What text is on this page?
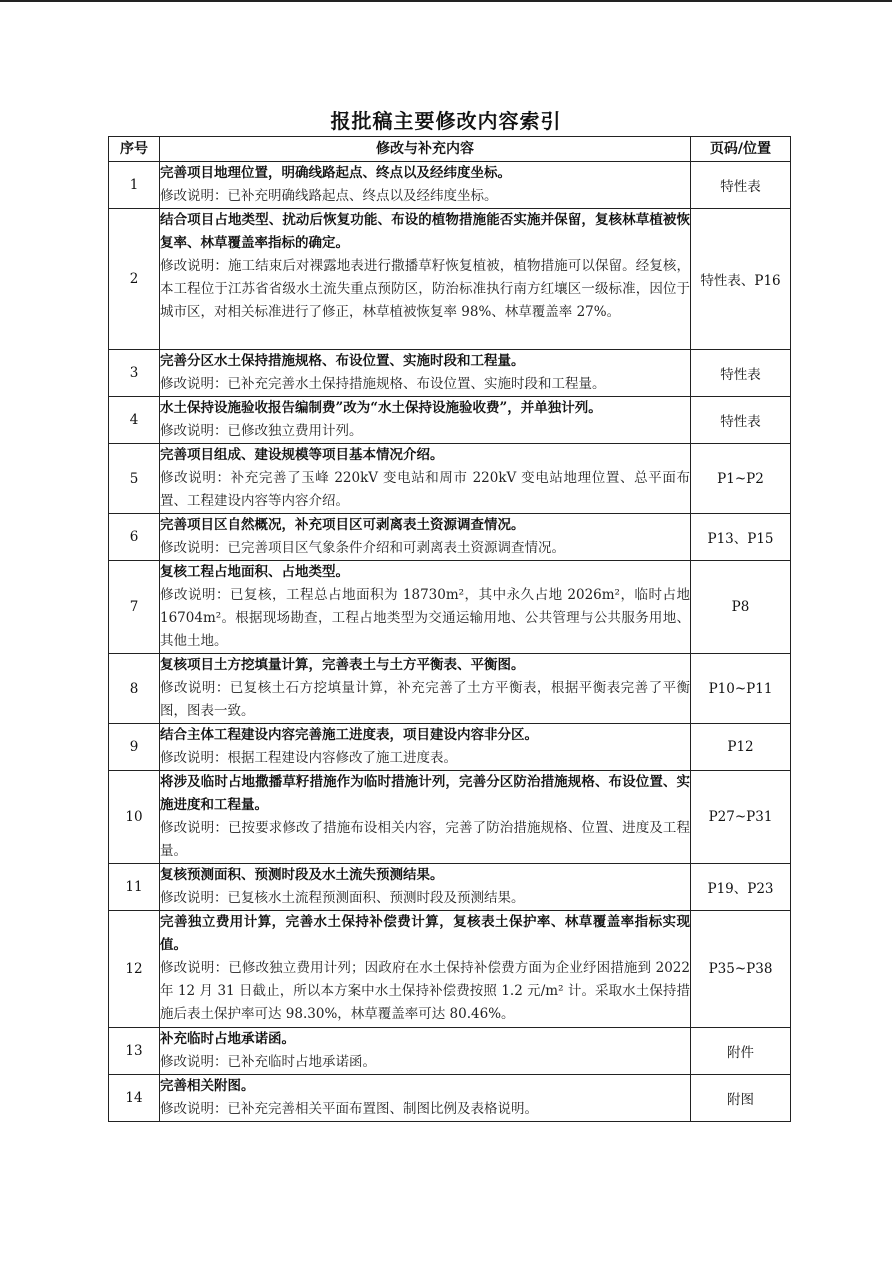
报批稿主要修改内容索引
序号	修改与补充内容	页码/位置
1	完善项目地理位置，明确线路起点、终点以及经纬度坐标。
修改说明：已补充明确线路起点、终点以及经纬度坐标。	特性表
2	结合项目占地类型、扰动后恢复功能、布设的植物措施能否实施并保留，复核林草植被恢复率、林草覆盖率指标的确定。
修改说明：施工结束后对裸露地表进行撒播草籽恢复植被，植物措施可以保留。经复核，本工程位于江苏省省级水土流失重点预防区，防治标准执行南方红壤区一级标准，因位于城市区，对相关标准进行了修正，林草植被恢复率 98%、林草覆盖率 27%。	特性表、P16
3	完善分区水土保持措施规格、布设位置、实施时段和工程量。
修改说明：已补充完善水土保持措施规格、布设位置、实施时段和工程量。	特性表
4	水土保持设施验收报告编制费”改为“水土保持设施验收费”，并单独计列。
修改说明：已修改独立费用计列。	特性表
5	完善项目组成、建设规模等项目基本情况介绍。
修改说明：补充完善了玉峰 220kV 变电站和周市 220kV 变电站地理位置、总平面布置、工程建设内容等内容介绍。	P1~P2
6	完善项目区自然概况，补充项目区可剥离表土资源调查情况。
修改说明：已完善项目区气象条件介绍和可剥离表土资源调查情况。	P13、P15
7	复核工程占地面积、占地类型。
修改说明：已复核，工程总占地面积为 18730m²，其中永久占地 2026m²，临时占地 16704m²。根据现场勘查，工程占地类型为交通运输用地、公共管理与公共服务用地、其他土地。	P8
8	复核项目土方挖填量计算，完善表土与土方平衡表、平衡图。
修改说明：已复核土石方挖填量计算，补充完善了土方平衡表，根据平衡表完善了平衡图，图表一致。	P10~P11
9	结合主体工程建设内容完善施工进度表，项目建设内容非分区。
修改说明：根据工程建设内容修改了施工进度表。	P12
10	将涉及临时占地撒播草籽措施作为临时措施计列，完善分区防治措施规格、布设位置、实施进度和工程量。
修改说明：已按要求修改了措施布设相关内容，完善了防治措施规格、位置、进度及工程量。	P27~P31
11	复核预测面积、预测时段及水土流失预测结果。
修改说明：已复核水土流程预测面积、预测时段及预测结果。	P19、P23
12	完善独立费用计算，完善水土保持补偿费计算，复核表土保护率、林草覆盖率指标实现值。
修改说明：已修改独立费用计列；因政府在水土保持补偿费方面为企业纾困措施到 2022 年 12 月 31 日截止，所以本方案中水土保持补偿费按照 1.2 元/m² 计。采取水土保持措施后表土保护率可达 98.30%，林草覆盖率可达 80.46%。	P35~P38
13	补充临时占地承诺函。
修改说明：已补充临时占地承诺函。	附件
14	完善相关附图。
修改说明：已补充完善相关平面布置图、制图比例及表格说明。	附图
